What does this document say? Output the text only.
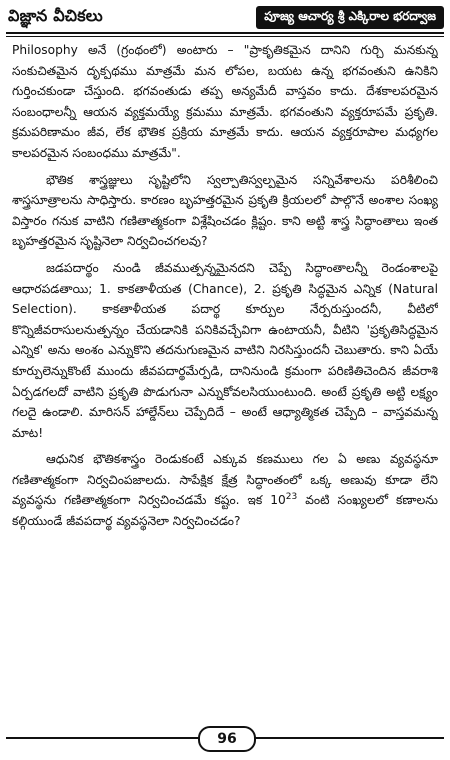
విజ్ఞాన వీచికలు	పూజ్య ఆచార్య శ్రీ ఎక్కిరాల భరద్వాజ

Philosophy అనే (గ్రంథంలో) అంటారు – "ప్రాకృతికమైన దానిని గుర్చి మనకున్న సంకుచితమైన దృక్పథము మాత్రమే మన లోపల, బయట ఉన్న భగవంతుని ఉనికిని గుర్తించకుండా చేస్తుంది. భగవంతుడు తప్ప అన్యమేదీ వాస్తవం కాదు. దేశకాలపరమైన సంబంధాలన్నీ ఆయన వ్యక్తమయ్యే క్రమము మాత్రమే. భగవంతుని వ్యక్తరూపమే ప్రకృతి. క్రమపరిణామం జీవ, లేక భౌతిక ప్రక్రియ మాత్రమే కాదు. ఆయన వ్యక్తరూపాల మధ్యగల కాలపరమైన సంబంధము మాత్రమే".

భౌతిక శాస్త్రజ్ఞులు సృష్టిలోని స్వల్పాతిస్వల్పమైన సన్నివేశాలను పరిశీలించి శాస్త్రసూత్రాలను సాధిస్తారు. కారణం బృహత్తరమైన ప్రకృతి క్రియలలో పాల్గొనే అంశాల సంఖ్య విస్తారం గనుక వాటిని గణితాత్మకంగా విశ్లేషించడం క్లిష్టం. కాని అట్టి శాస్త్ర సిద్ధాంతాలు ఇంత బృహత్తరమైన సృష్టినెలా నిర్వచించగలవు?

జడపదార్థం నుండి జీవముత్పన్నమైనదని చెప్పే సిద్ధాంతాలన్నీ రెండంశాలపై ఆధారపడతాయి; 1. కాకతాళీయత (Chance), 2. ప్రకృతి సిద్ధమైన ఎన్నిక (Natural Selection). కాకతాళీయత పదార్థ కూర్పుల నేర్పరుస్తుందనీ, వీటిలో కొన్నిజీవరాసులనుత్పన్నం చేయడానికి పనికివచ్చేవిగా ఉంటాయనీ, వీటిని 'ప్రకృతిసిద్ధమైన ఎన్నిక' అను అంశం ఎన్నుకొని తదనుగుణమైన వాటిని నిరసిస్తుందనీ చెబుతారు. కాని ఏయే కూర్పులెన్నుకొంటే ముందు జీవపదార్థమేర్పడి, దానినుండి క్రమంగా పరిణితిచెందిన జీవరాశి ఏర్పడగలదో వాటిని ప్రకృతి పొడుగునా ఎన్నుకోవలసియుంటుంది. అంటే ప్రకృతి అట్టి లక్ష్యం గలదై ఉండాలి. మారిసన్ హాల్డేన్‌లు చెప్పేదిదే – అంటే ఆధ్యాత్మికత చెప్పేది – వాస్తవమన్న మాట!

ఆధునిక భౌతికశాస్త్రం రెండుకంటే ఎక్కువ కణములు గల ఏ అణు వ్యవస్థనూ గణితాత్మకంగా నిర్వచింపజాలదు. సాపేక్షిక క్షేత్ర సిద్ధాంతంలో ఒక్క అణువు కూడా లేని వ్యవస్థను గణితాత్మకంగా నిర్వచించడమే కష్టం. ఇక $10^{23}$ వంటి సంఖ్యలలో కణాలను కల్గియుండే జీవపదార్థ వ్యవస్థనెలా నిర్వచించడం?

96
